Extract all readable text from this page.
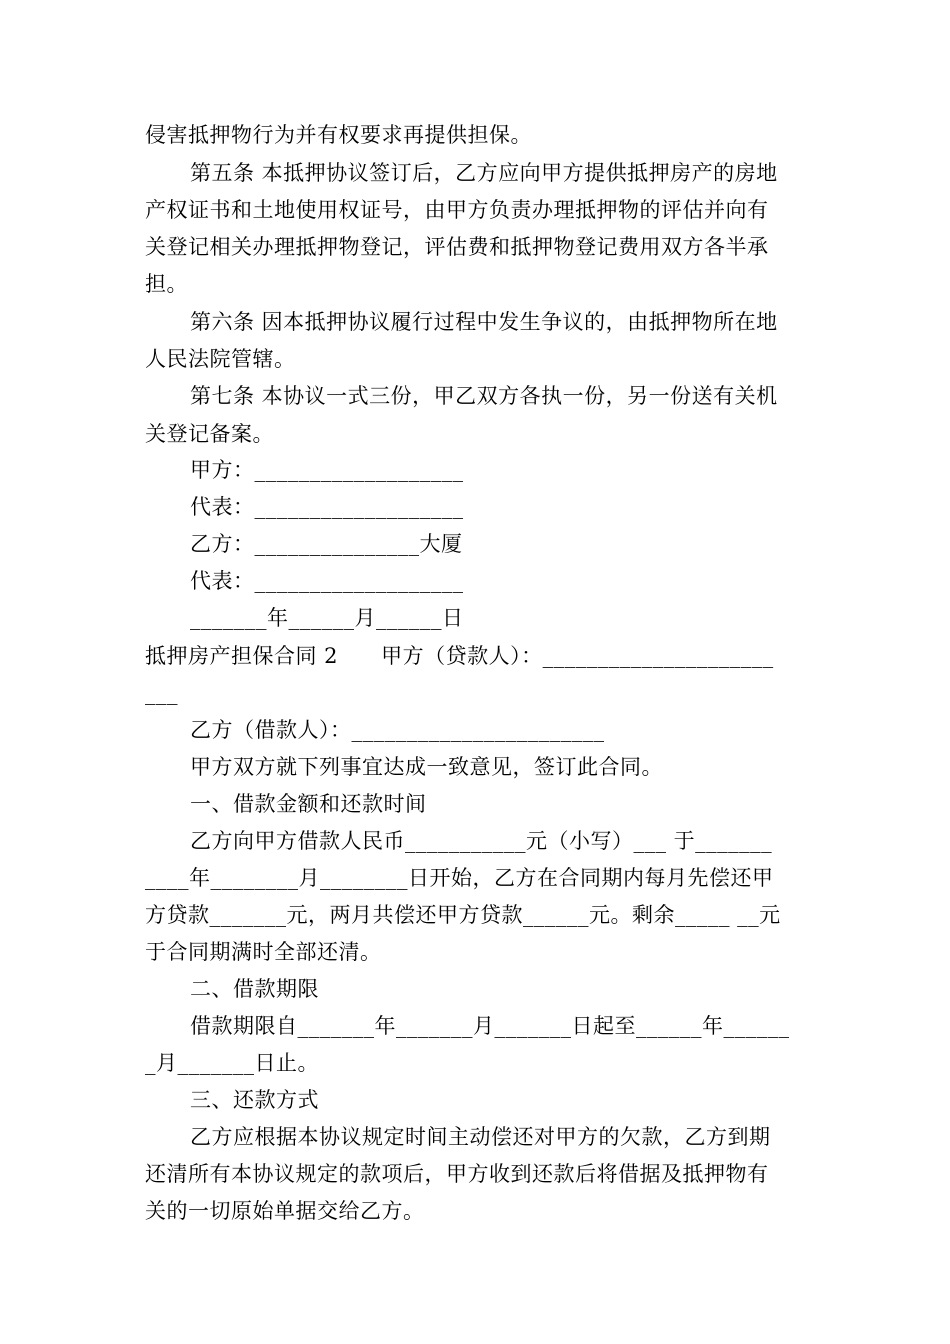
侵害抵押物行为并有权要求再提供担保。
第五条 本抵押协议签订后，乙方应向甲方提供抵押房产的房地
产权证书和土地使用权证号，由甲方负责办理抵押物的评估并向有
关登记相关办理抵押物登记，评估费和抵押物登记费用双方各半承
担。
第六条 因本抵押协议履行过程中发生争议的，由抵押物所在地
人民法院管辖。
第七条 本协议一式三份，甲乙双方各执一份，另一份送有关机
关登记备案。
甲方：___________________
代表：___________________
乙方：_______________大厦
代表：___________________
_______年______月______日
抵押房产担保合同 2      甲方（贷款人）：_____________________
___
乙方（借款人）：_______________________
甲方双方就下列事宜达成一致意见，签订此合同。
一、借款金额和还款时间
乙方向甲方借款人民币___________元（小写）___ 于_______
____年________月________日开始，乙方在合同期内每月先偿还甲
方贷款_______元，两月共偿还甲方贷款______元。剩余_____ __元
于合同期满时全部还清。
二、借款期限
借款期限自_______年_______月_______日起至______年______
_月_______日止。
三、还款方式
乙方应根据本协议规定时间主动偿还对甲方的欠款，乙方到期
还清所有本协议规定的款项后，甲方收到还款后将借据及抵押物有
关的一切原始单据交给乙方。
